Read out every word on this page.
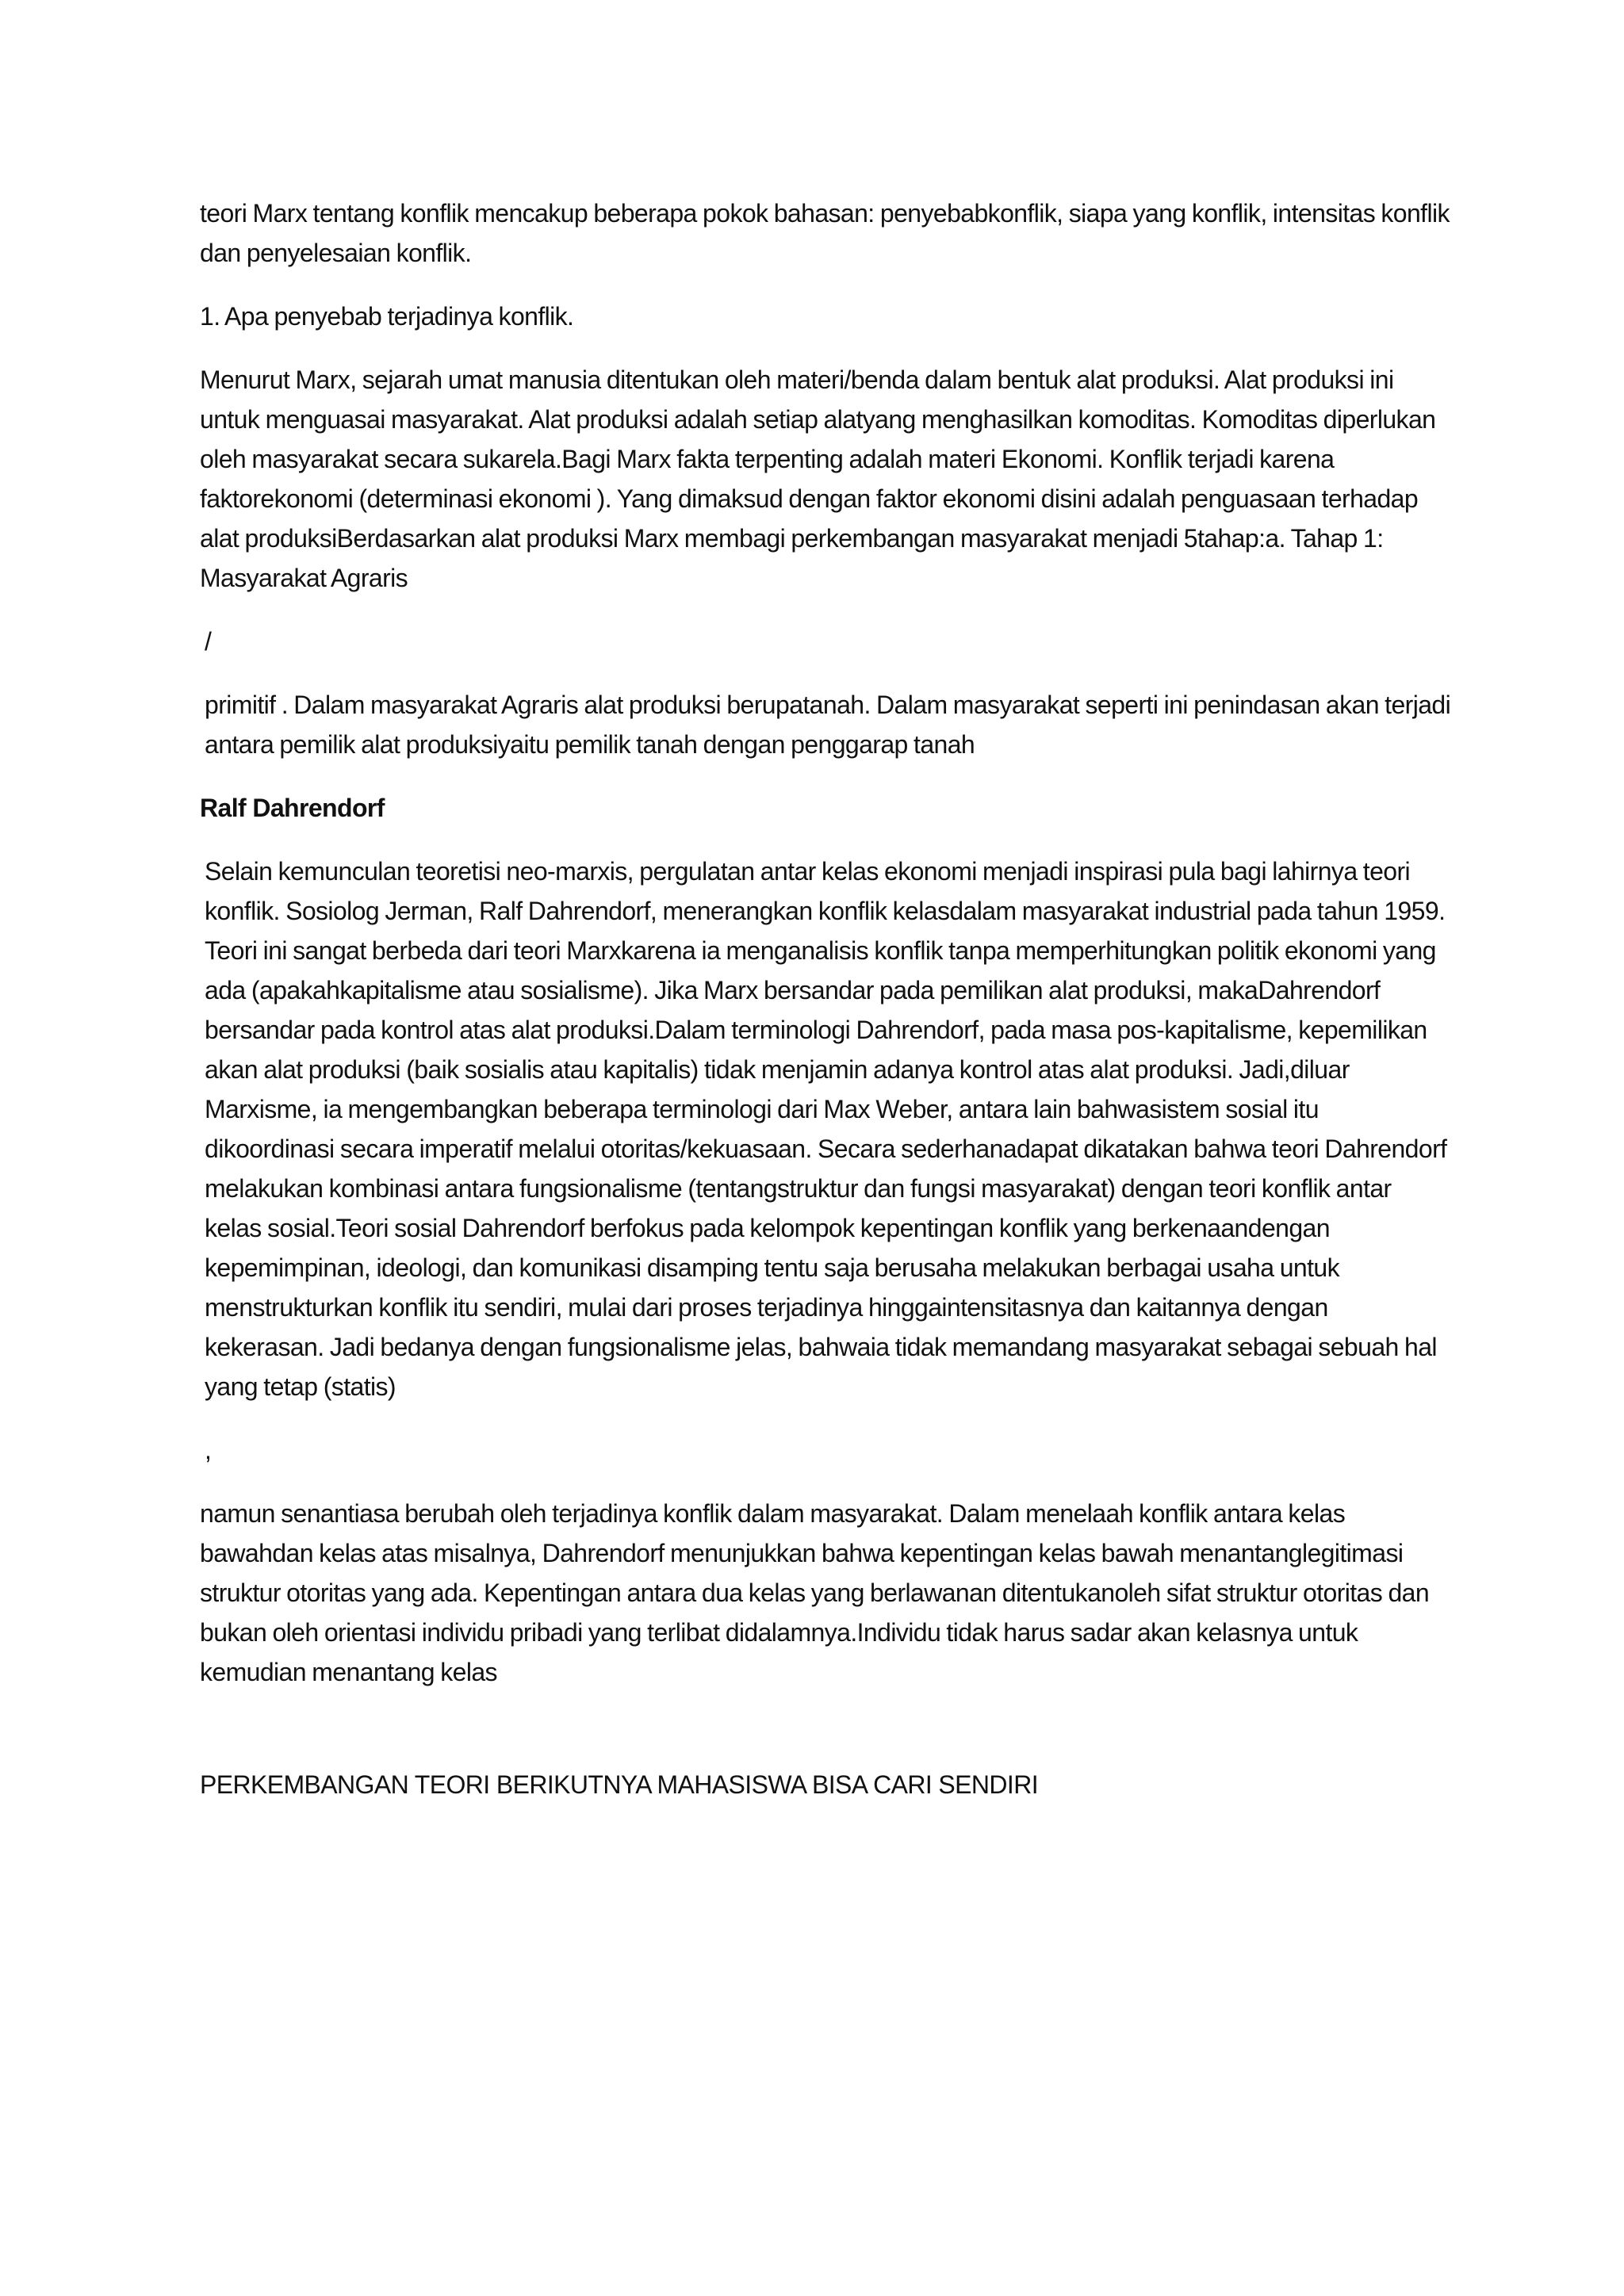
teori Marx tentang konflik mencakup beberapa pokok bahasan: penyebabkonflik, siapa yang konflik, intensitas konflik dan penyelesaian konflik.

1. Apa penyebab terjadinya konflik.

Menurut Marx, sejarah umat manusia ditentukan oleh materi/benda dalam bentuk alat produksi. Alat produksi ini untuk menguasai masyarakat. Alat produksi adalah setiap alatyang menghasilkan komoditas. Komoditas diperlukan oleh masyarakat secara sukarela.Bagi Marx fakta terpenting adalah materi Ekonomi. Konflik terjadi karena faktorekonomi (determinasi ekonomi ). Yang dimaksud dengan faktor ekonomi disini adalah penguasaan terhadap alat produksiBerdasarkan alat produksi Marx membagi perkembangan masyarakat menjadi 5tahap:a. Tahap 1: Masyarakat Agraris

/

primitif . Dalam masyarakat Agraris alat produksi berupatanah. Dalam masyarakat seperti ini penindasan akan terjadi antara pemilik alat produksiyaitu pemilik tanah dengan penggarap tanah

Ralf Dahrendorf

Selain kemunculan teoretisi neo-marxis, pergulatan antar kelas ekonomi menjadi inspirasi pula bagi lahirnya teori konflik. Sosiolog Jerman, Ralf Dahrendorf, menerangkan konflik kelasdalam masyarakat industrial pada tahun 1959. Teori ini sangat berbeda dari teori Marxkarena ia menganalisis konflik tanpa memperhitungkan politik ekonomi yang ada (apakahkapitalisme atau sosialisme). Jika Marx bersandar pada pemilikan alat produksi, makaDahrendorf bersandar pada kontrol atas alat produksi.Dalam terminologi Dahrendorf, pada masa pos-kapitalisme, kepemilikan akan alat produksi (baik sosialis atau kapitalis) tidak menjamin adanya kontrol atas alat produksi. Jadi,diluar Marxisme, ia mengembangkan beberapa terminologi dari Max Weber, antara lain bahwasistem sosial itu dikoordinasi secara imperatif melalui otoritas/kekuasaan. Secara sederhanadapat dikatakan bahwa teori Dahrendorf melakukan kombinasi antara fungsionalisme (tentangstruktur dan fungsi masyarakat) dengan teori konflik antar kelas sosial.Teori sosial Dahrendorf berfokus pada kelompok kepentingan konflik yang berkenaandengan kepemimpinan, ideologi, dan komunikasi disamping tentu saja berusaha melakukan berbagai usaha untuk menstrukturkan konflik itu sendiri, mulai dari proses terjadinya hinggaintensitasnya dan kaitannya dengan kekerasan. Jadi bedanya dengan fungsionalisme jelas, bahwaia tidak memandang masyarakat sebagai sebuah hal yang tetap (statis)

,

namun senantiasa berubah oleh terjadinya konflik dalam masyarakat. Dalam menelaah konflik antara kelas bawahdan kelas atas misalnya, Dahrendorf menunjukkan bahwa kepentingan kelas bawah menantanglegitimasi struktur otoritas yang ada. Kepentingan antara dua kelas yang berlawanan ditentukanoleh sifat struktur otoritas dan bukan oleh orientasi individu pribadi yang terlibat didalamnya.Individu tidak harus sadar akan kelasnya untuk kemudian menantang kelas

PERKEMBANGAN TEORI BERIKUTNYA MAHASISWA BISA CARI SENDIRI
